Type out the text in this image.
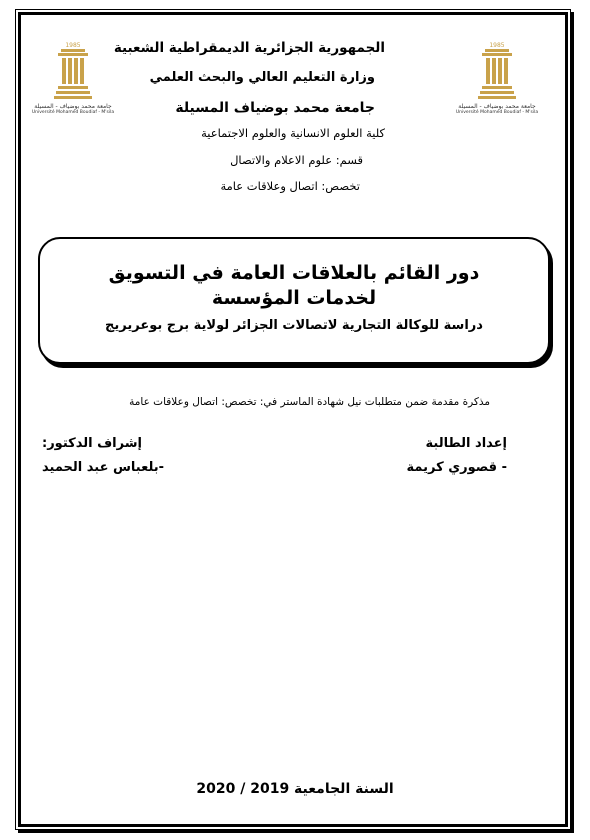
1985
جامعة محمد بوضياف - المسيلة
Université Mohamed Boudiaf - M'sila
1985
جامعة محمد بوضياف - المسيلة
Université Mohamed Boudiaf - M'sila
الجمهورية الجزائرية الديمقراطية الشعبية
وزارة التعليم العالي والبحث العلمي
جامعة محمد بوضياف المسيلة
كلية العلوم الانسانية والعلوم الاجتماعية
قسم: علوم الاعلام والاتصال
تخصص: اتصال وعلاقات عامة
دور القائم بالعلاقات العامة في التسويق لخدمات المؤسسة
دراسة للوكالة التجارية لاتصالات الجزائر لولاية برج بوعريريج
مذكرة مقدمة ضمن متطلبات نيل شهادة الماستر في: تخصص: اتصال وعلاقات عامة
إعداد الطالبة
- قصوري كريمة
إشراف الدكتور:
-بلعباس عبد الحميد
السنة الجامعية 2019 / 2020
